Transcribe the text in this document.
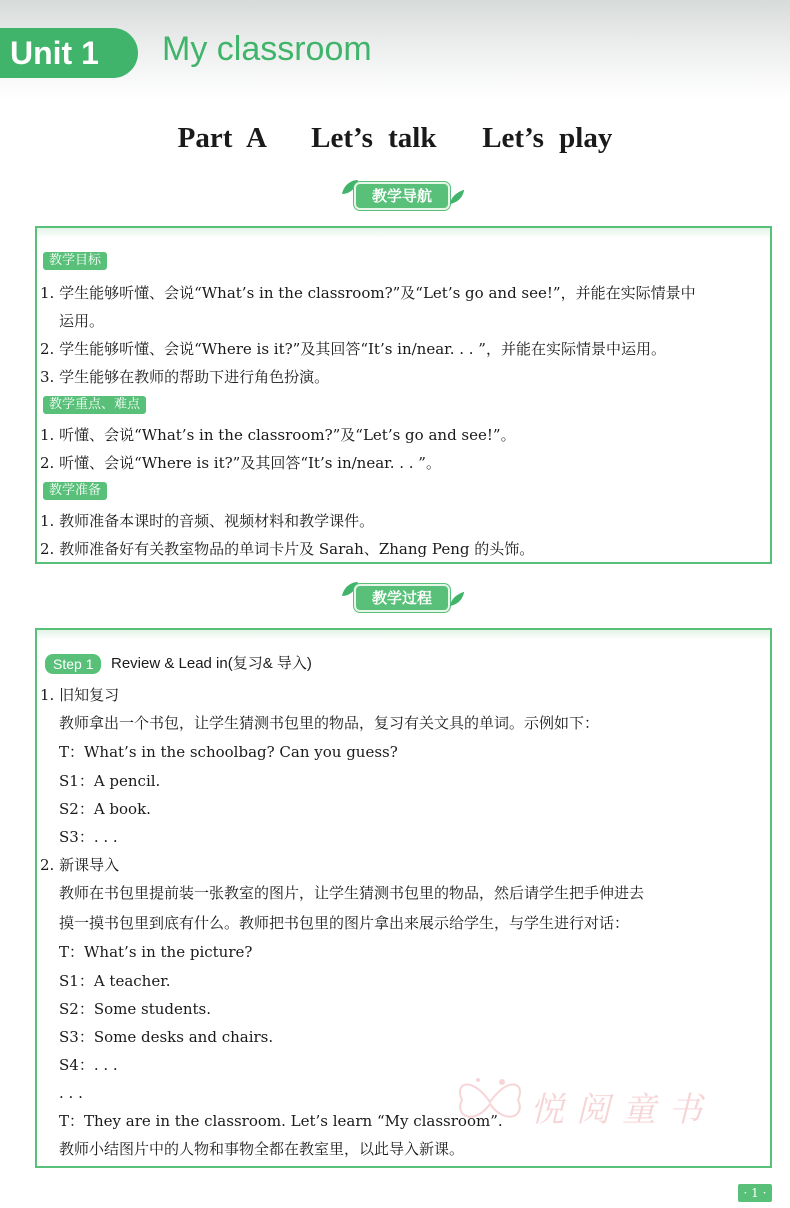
Unit 1	My classroom
Part A   Let’s talk   Let’s play
教学导航
教学目标
1. 学生能够听懂、会说“What’s in the classroom?”及“Let’s go and see!”，并能在实际情景中
运用。
2. 学生能够听懂、会说“Where is it?”及其回答“It’s in/near. . . ”，并能在实际情景中运用。
3. 学生能够在教师的帮助下进行角色扮演。
教学重点、难点
1. 听懂、会说“What’s in the classroom?”及“Let’s go and see!”。
2. 听懂、会说“Where is it?”及其回答“It’s in/near. . . ”。
教学准备
1. 教师准备本课时的音频、视频材料和教学课件。
2. 教师准备好有关教室物品的单词卡片及 Sarah、Zhang Peng 的头饰。
教学过程
Step 1	Review & Lead in(复习& 导入)
1. 旧知复习
教师拿出一个书包，让学生猜测书包里的物品，复习有关文具的单词。示例如下：
T：What’s in the schoolbag? Can you guess?
S1：A pencil.
S2：A book.
S3：. . .
2. 新课导入
教师在书包里提前装一张教室的图片，让学生猜测书包里的物品，然后请学生把手伸进去
摸一摸书包里到底有什么。教师把书包里的图片拿出来展示给学生，与学生进行对话：
T：What’s in the picture?
S1：A teacher.
S2：Some students.
S3：Some desks and chairs.
S4：. . .
. . .
T：They are in the classroom. Let’s learn “My classroom”.
教师小结图片中的人物和事物全都在教室里，以此导入新课。
悦阅童书
· 1 ·
